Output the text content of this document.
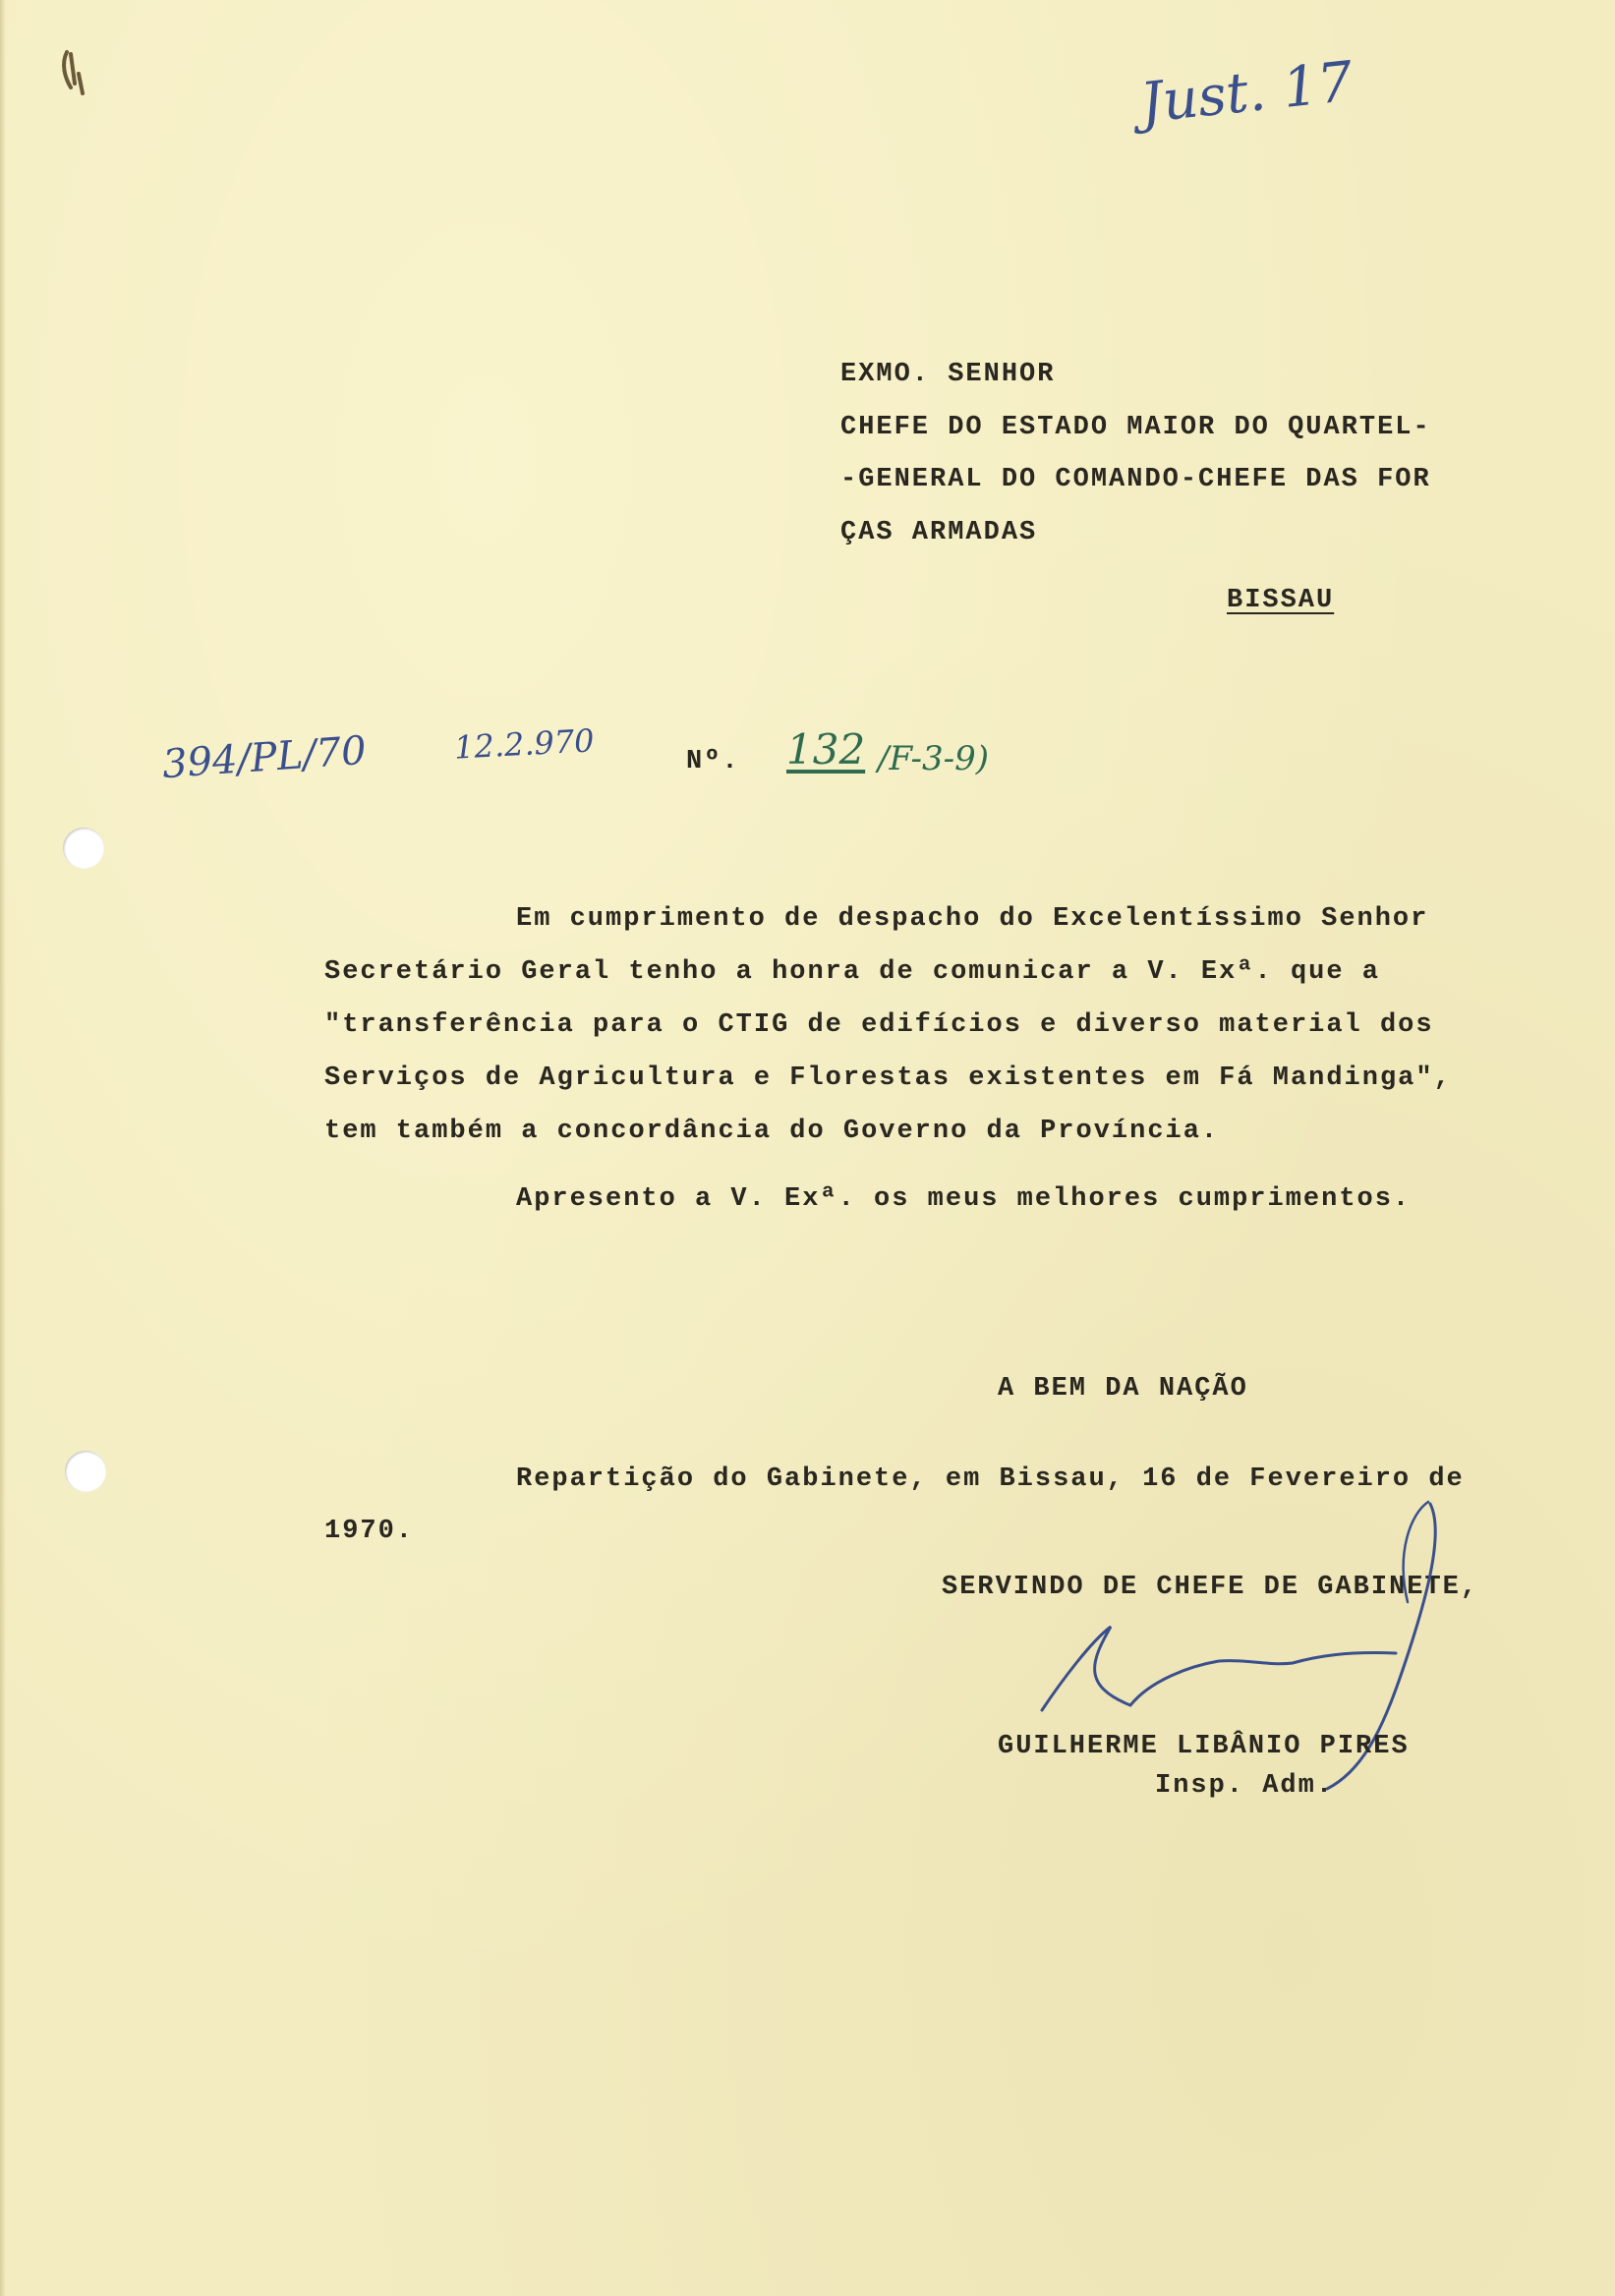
Just. 17
EXMO. SENHOR
CHEFE DO ESTADO MAIOR DO QUARTEL-
-GENERAL DO COMANDO-CHEFE DAS FOR
ÇAS ARMADAS
BISSAU
394/PL/70	12.2.970	Nº. 132 /F-3-9)
Em cumprimento de despacho do Excelentíssimo Senhor
Secretário Geral tenho a honra de comunicar a V. Exª. que a
"transferência para o CTIG de edifícios e diverso material dos
Serviços de Agricultura e Florestas existentes em Fá Mandinga",
tem também a concordância do Governo da Província.
Apresento a V. Exª. os meus melhores cumprimentos.
A BEM DA NAÇÃO
Repartição do Gabinete, em Bissau, 16 de Fevereiro de
1970.
SERVINDO DE CHEFE DE GABINETE,
GUILHERME LIBÂNIO PIRES
Insp. Adm.
